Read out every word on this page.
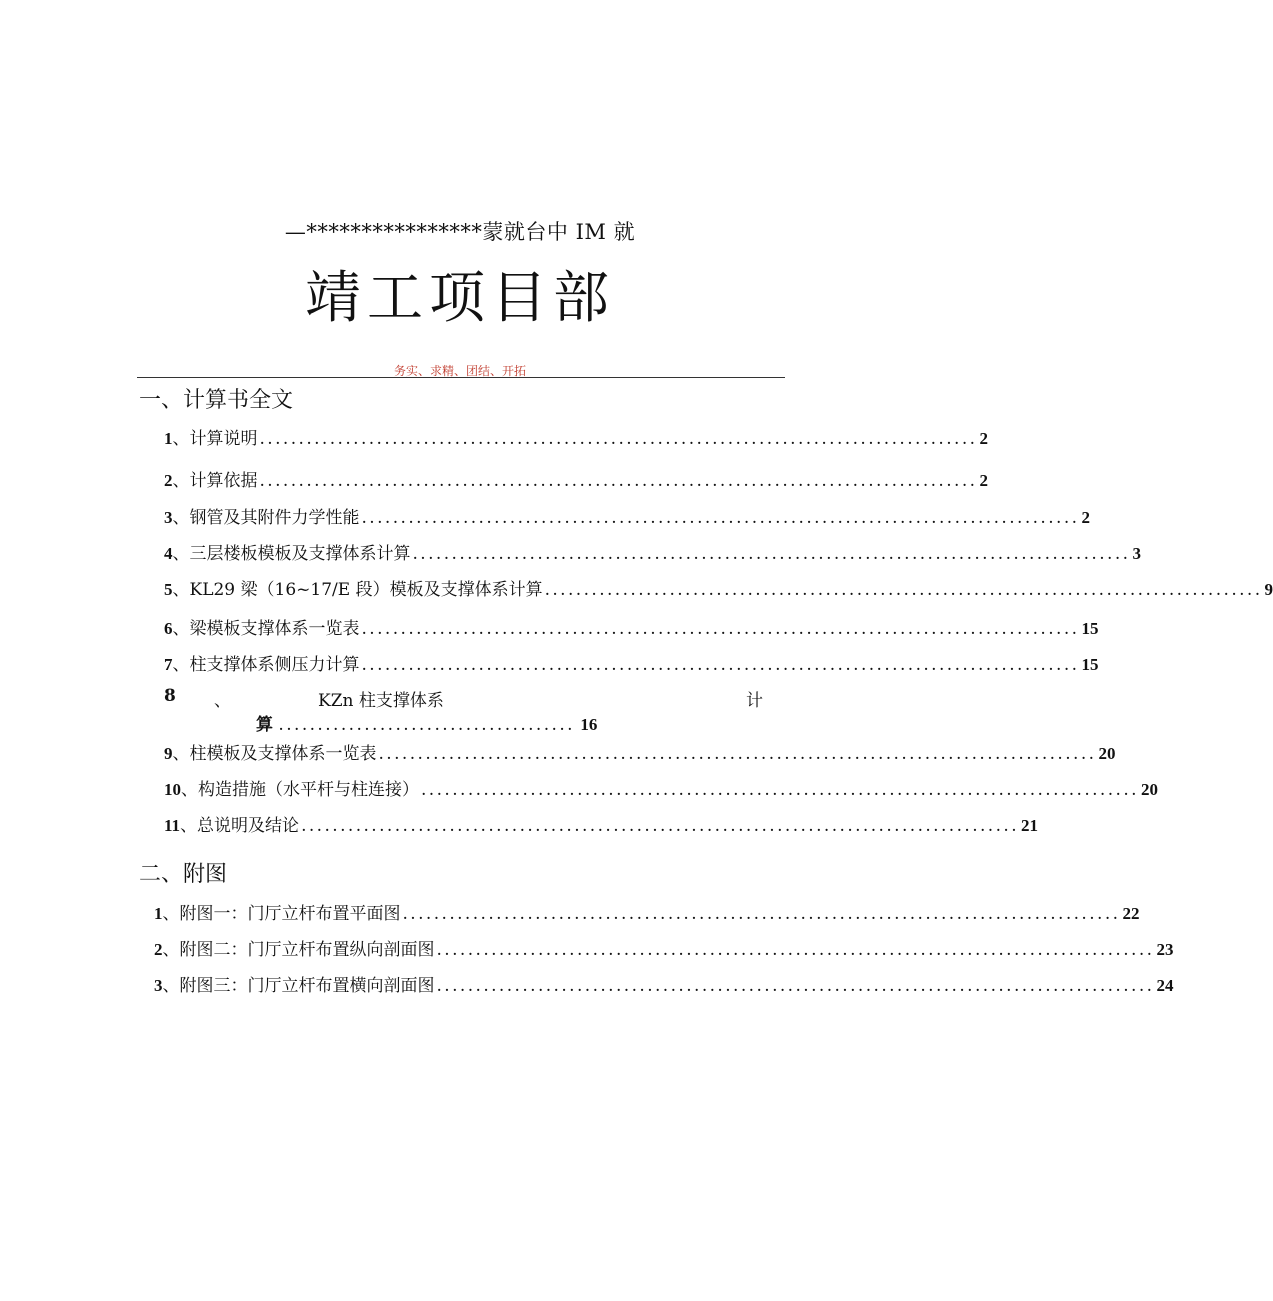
—****************蒙就台中 IM 就
靖工项目部
务实、求精、团结、开拓
一、计算书全文
1 、计算说明 ............................................................................................ 2
2 、计算依据 ............................................................................................ 2
3 、钢管及其附件力学性能 ............................................................................................ 2
4 、三层楼板模板及支撑体系计算 ............................................................................................ 3
5 、KL29 梁（16~17/E 段）模板及支撑体系计算 ............................................................................................ 9
6 、梁模板支撑体系一览表 ............................................................................................ 15
7 、柱支撑体系侧压力计算 ............................................................................................ 15
8 、	KZn 柱支撑体系	计
算 ...................................... 16
9 、柱模板及支撑体系一览表 ............................................................................................ 20
10 、构造措施（水平杆与柱连接） ............................................................................................ 20
11 、总说明及结论 ............................................................................................ 21
二、附图
1 、附图一：门厅立杆布置平面图 ............................................................................................ 22
2 、附图二：门厅立杆布置纵向剖面图 ............................................................................................ 23
3 、附图三：门厅立杆布置横向剖面图 ............................................................................................ 24
